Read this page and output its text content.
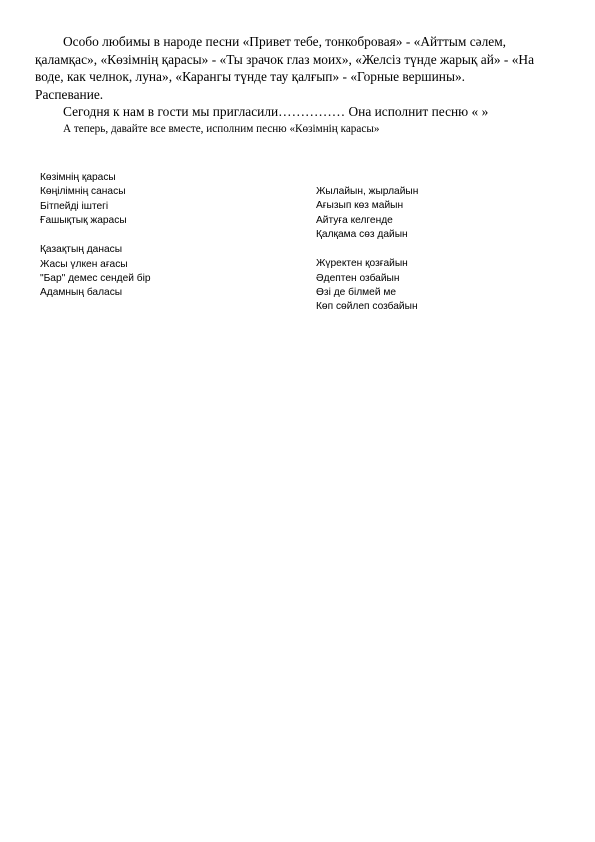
Особо любимы в народе песни «Привет тебе, тонкобровая» - «Айттым сәлем, қаламқас», «Көзімнің қарасы» - «Ты зрачок глаз моих», «Желсіз түнде жарық ай» - «На воде, как челнок, луна», «Карангы түнде тау қалғып» - «Горные вершины».

Распевание.

Сегодня к нам в гости мы пригласили…………… Она исполнит песню « »

А теперь, давайте все вместе, исполним песню «Көзімнің карасы»

Көзімнің қарасы
Көңілімнің санасы
Бітпейді іштегі
Ғашықтық жарасы
Қазақтың данасы
Жасы үлкен ағасы
"Бар" демес сендей бір
Адамның баласы
Жылайын, жырлайын
Ағызып көз майын
Айтуға келгенде
Қалқама сөз дайын
Жүректен қозғайын
Әдептен озбайын
Өзі де білмей ме
Көп сөйлеп созбайын
